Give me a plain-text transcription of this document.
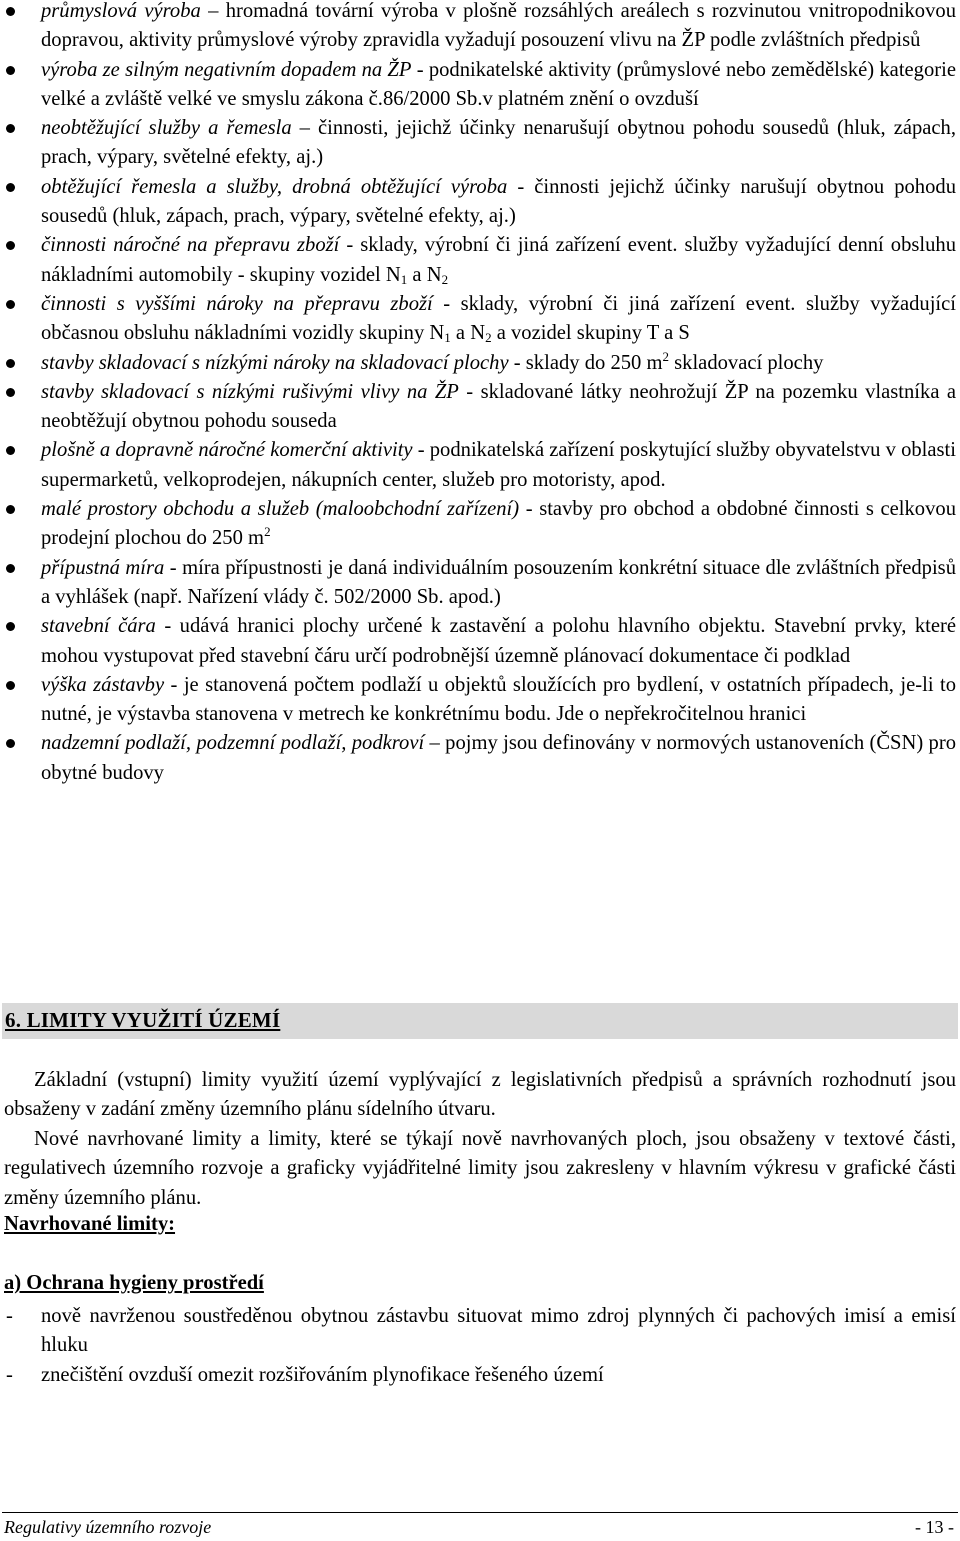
průmyslová výroba – hromadná tovární výroba v plošně rozsáhlých areálech s rozvinutou vnitropodnikovou dopravou, aktivity průmyslové výroby zpravidla vyžadují posouzení vlivu na ŽP podle zvláštních předpisů
výroba ze silným negativním dopadem na ŽP - podnikatelské aktivity (průmyslové nebo zemědělské) kategorie velké a zvláště velké ve smyslu zákona č.86/2000 Sb.v platném znění o ovzduší
neobtěžující služby a řemesla – činnosti, jejichž účinky nenarušují obytnou pohodu sousedů (hluk, zápach, prach, výpary, světelné efekty, aj.)
obtěžující řemesla a služby, drobná obtěžující výroba - činnosti jejichž účinky narušují obytnou pohodu sousedů (hluk, zápach, prach, výpary, světelné efekty, aj.)
činnosti náročné na přepravu zboží - sklady, výrobní či jiná zařízení event. služby vyžadující denní obsluhu nákladními automobily - skupiny vozidel $N_1$ a $N_2$
činnosti s vyššími nároky na přepravu zboží - sklady, výrobní či jiná zařízení event. služby vyžadující občasnou obsluhu nákladními vozidly skupiny $N_1$ a $N_2$ a vozidel skupiny T a S
stavby skladovací s nízkými nároky na skladovací plochy - sklady do 250 $m^2$ skladovací plochy
stavby skladovací s nízkými rušivými vlivy na ŽP - skladované látky neohrožují ŽP na pozemku vlastníka a neobtěžují obytnou pohodu souseda
plošně a dopravně náročné komerční aktivity - podnikatelská zařízení poskytující služby obyvatelstvu v oblasti supermarketů, velkoprodejen, nákupních center, služeb pro motoristy, apod.
malé prostory obchodu a služeb (maloobchodní zařízení) - stavby pro obchod a obdobné činnosti s celkovou prodejní plochou do 250 $m^2$
přípustná míra - míra přípustnosti je daná individuálním posouzením konkrétní situace dle zvláštních předpisů a vyhlášek (např. Nařízení vlády č. 502/2000 Sb. apod.)
stavební čára - udává hranici plochy určené k zastavění a polohu hlavního objektu. Stavební prvky, které mohou vystupovat před stavební čáru určí podrobnější územně plánovací dokumentace či podklad
výška zástavby - je stanovená počtem podlaží u objektů sloužících pro bydlení, v ostatních případech, je-li to nutné, je výstavba stanovena v metrech ke konkrétnímu bodu. Jde o nepřekročitelnou hranici
nadzemní podlaží, podzemní podlaží, podkroví – pojmy jsou definovány v normových ustanoveních (ČSN) pro obytné budovy
6. LIMITY VYUŽITÍ ÚZEMÍ
Základní (vstupní) limity využití území vyplývající z legislativních předpisů a správních rozhodnutí jsou obsaženy v zadání změny územního plánu sídelního útvaru.
Nové navrhované limity a limity, které se týkají nově navrhovaných ploch, jsou obsaženy v textové části, regulativech územního rozvoje a graficky vyjádřitelné limity jsou zakresleny v hlavním výkresu v grafické části změny územního plánu.
Navrhované limity:
a) Ochrana hygieny prostředí
- nově navrženou soustředěnou obytnou zástavbu situovat mimo zdroj plynných či pachových imisí a emisí hluku
- znečištění ovzduší omezit rozšiřováním plynofikace řešeného území
Regulativy územního rozvoje	- 13 -
